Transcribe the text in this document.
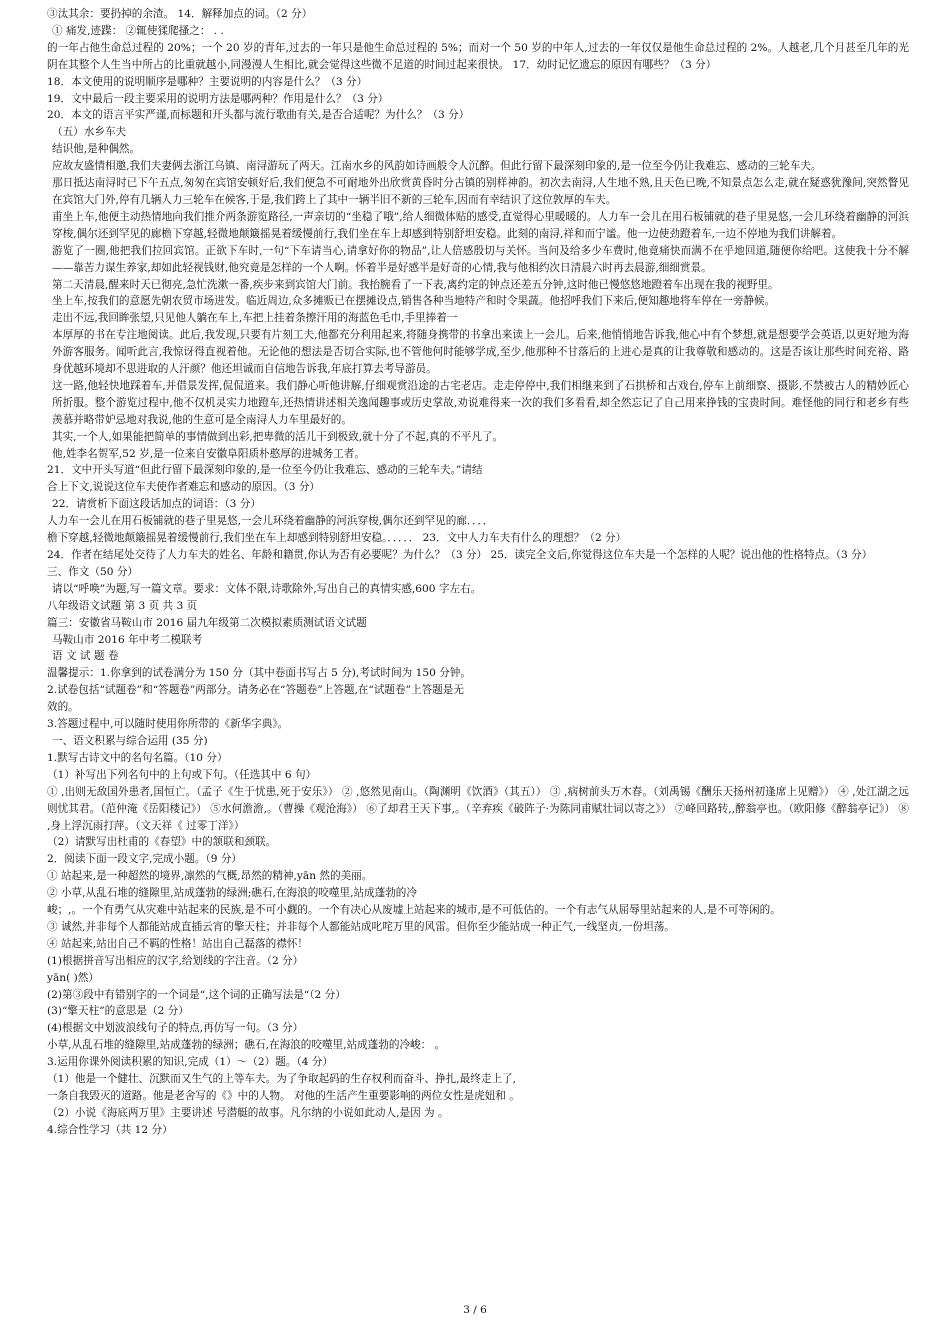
③汰其余：要扔掉的余渣。 14．解释加点的词。（2 分）

① 痛发,迹蹀： ②辄使猱爬搔之： . .

的一年占他生命总过程的 20%；一个 20 岁的青年,过去的一年只是他生命总过程的 5%；而对一个 50 岁的中年人,过去的一年仅仅是他生命总过程的 2%。人越老,几个月甚至几年的光阴在其整个人生当中所占的比重就越小,同漫漫人生相比,就会觉得这些微不足道的时间过起来很快。 17．幼时记忆遗忘的原因有哪些？（3 分）

18．本文使用的说明顺序是哪种？主要说明的内容是什么？（3 分）

19．文中最后一段主要采用的说明方法是哪两种？作用是什么？（3 分）

20．本文的语言平实严谨,而标题和开头都与流行歌曲有关,是否合适呢？为什么？（3 分）

（五）水乡车夫

结识他,是种偶然。

应故友盛情相邀,我们夫妻俩去浙江乌镇、南浔游玩了两天。江南水乡的风韵如诗画般令人沉醉。但此行留下最深刻印象的,是一位至今仍让我难忘、感动的三轮车夫。

那日抵达南浔时已下午五点,匆匆在宾馆安顿好后,我们便急不可耐地外出欣赏黄昏时分古镇的别样神韵。初次去南浔,人生地不熟,且天色已晚,不知景点怎么走,就在疑惑犹豫间,突然瞥见在宾馆大门外,停有几辆人力三轮车在候客,于是,我们跨上了其中一辆半旧不新的三轮车,因而有幸结识了这位敦厚的车夫。

甫坐上车,他便主动热情地向我们推介两条游览路径,一声亲切的“坐稳了哦”,给人细微体贴的感受,直觉得心里暖暖的。人力车一会儿在用石板铺就的巷子里晃悠,一会儿环绕着幽静的河浜穿梭,偶尔还到罕见的廊檐下穿越,轻微地颠簸摇晃着缓慢前行,我们坐在车上却感到特别舒坦安稳。此刻的南浔,祥和而宁谧。他一边使劲蹬着车,一边不停地为我们讲解着。

游览了一圈,他把我们拉回宾馆。正欲下车时,一句“下车请当心,请拿好你的物品”,让人倍感殷切与关怀。当问及给多少车费时,他竟痛快而满不在乎地回道,随便你给吧。这使我十分不解——靠苦力谋生养家,却如此轻视钱财,他究竟是怎样的一个人啊。怀着半是好感半是好奇的心情,我与他相约次日清晨六时再去晨游,细细赏景。

第二天清晨,醒来时天已彻亮,急忙洗漱一番,疾步来到宾馆大门前。我抬腕看了一下表,离约定的钟点还差五分钟,这时他已慢悠悠地蹬着车出现在我的视野里。

坐上车,按我们的意愿先朝农贸市场进发。临近周边,众多摊贩已在摆摊设点,销售各种当地特产和时令果蔬。他招呼我们下来后,便知趣地将车停在一旁静候。

走出不远,我回眸张望,只见他人躺在车上,车把上挂着条擦汗用的海蓝色毛巾,手里捧着一

本厚厚的书在专注地阅读。此后,我发现,只要有片刻工夫,他都充分利用起来,将随身携带的书拿出来读上一会儿。后来,他悄悄地告诉我,他心中有个梦想,就是想要学会英语,以更好地为海外游客服务。闻听此言,我惊讶得直视着他。无论他的想法是否切合实际,也不管他何时能够学成,至少,他那种不甘落后的上进心是真的让我尊敬和感动的。这是否该让那些时间充裕、路身优越环境却不思进取的人汗颜？他还坦诚而自信地告诉我,年底打算去考导游员。

这一路,他轻快地踩着车,并借景发挥,侃侃道来。我们静心听他讲解,仔细观赏沿途的古宅老店。走走停停中,我们相继来到了石拱桥和古戏台,停车上前细察、摄影,不禁被古人的精妙匠心所折服。整个游览过程中,他不仅机灵实力地蹬车,还热情讲述相关逸闻趣事或历史掌故,劝说难得来一次的我们多看看,却全然忘记了自己用来挣钱的宝贵时间。难怪他的同行和老乡有些羡慕并略带妒忌地对我说,他的生意可是全南浔人力车里最好的。

其实,一个人,如果能把简单的事情做到出彩,把卑微的活儿干到极致,就十分了不起,真的不平凡了。

他,姓李名贺军,52 岁,是一位来自安徽阜阳质朴憨厚的进城务工者。

21．文中开头写道“但此行留下最深刻印象的,是一位至今仍让我难忘、感动的三轮车夫。”请结

合上下文,说说这位车夫使作者难忘和感动的原因。（3 分）

22．请赏析下面这段话加点的词语：（3 分）

人力车一会儿在用石板铺就的巷子里晃悠,一会儿环绕着幽静的河浜穿梭,偶尔还到罕见的廊．．．．

檐下穿越,轻微地颠簸摇晃着缓慢前行,我们坐在车上却感到特别舒坦安稳。．．．．． 23．文中人力车夫有什么的理想？（2 分）

24．作者在结尾处交待了人力车夫的姓名、年龄和籍贯,你认为否有必要呢？为什么？（3 分） 25．读完全文后,你觉得这位车夫是一个怎样的人呢？说出他的性格特点。（3 分）

三、作文（50 分）

请以“呼唤”为题,写一篇文章。要求：文体不限,诗歌除外,写出自己的真情实感,600 字左右。

八年级语文试题 第 3 页 共 3 页

篇三：安徽省马鞍山市 2016 届九年级第二次模拟素质测试语文试题

马鞍山市 2016 年中考二模联考

语 文 试 题 卷

温馨提示：1.你拿到的试卷满分为 150 分（其中卷面书写占 5 分),考试时间为 150 分钟。

2.试卷包括“试题卷”和“答题卷”两部分。请务必在“答题卷”上答题,在“试题卷”上答题是无

效的。

3.答题过程中,可以随时使用你所带的《新华字典》。

一、语文积累与综合运用 (35 分)

1.默写古诗文中的名句名篇。（10 分）

（1）补写出下列名句中的上句或下句。（任选其中 6 句）

① ,出则无敌国外患者,国恒亡。（孟子《生于忧患,死于安乐》） ② ,悠然见南山。（陶渊明《饮酒》（其五）） ③ ,病树前头万木春。（刘禹锡《酬乐天扬州初逢席上见赠》） ④ ,处江湖之远则忧其君。（范仲淹《岳阳楼记》） ⑤水何澹澹,。（曹操《观沧海》） ⑥了却君王天下事,。（辛弃疾《破阵子·为陈同甫赋壮词以寄之》） ⑦峰回路转,,醉翁亭也。（欧阳修《醉翁亭记》） ⑧ ,身上浮沉雨打萍。（文天祥《 过零丁洋》）

（2）请默写出杜甫的《春望》中的颔联和颈联。

2．阅读下面一段文字,完成小题。（9 分）

① 站起来,是一种超然的境界,凛然的气概,昂然的精神,yān 然的美丽。

② 小草,从乱石堆的缝隙里,站成蓬勃的绿洲;礁石,在海浪的咬噬里,站成蓬勃的冷

峻；,。一个有勇气从灾难中站起来的民族,是不可小觑的。一个有决心从废墟上站起来的城市,是不可低估的。一个有志气从屈辱里站起来的人,是不可等闲的。

③ 诚然,并非每个人都能站成直插云宵的擎天柱；并非每个人都能站成叱咤万里的风雷。但你至少能站成一种正气,一线坚贞,一份坦荡。

④ 站起来,站出自己不羁的性格！站出自己磊落的襟怀！

(1)根据拼音写出相应的汉字,给划线的字注音。（2 分）

yān( )然）

(2)第③段中有错别字的一个词是“,这个词的正确写法是“（2 分）

(3)“擎天柱”的意思是（2 分）

(4)根据文中划波浪线句子的特点,再仿写一句。（3 分）

小草,从乱石堆的缝隙里,站成蓬勃的绿洲；礁石,在海浪的咬噬里,站成蓬勃的冷峻： 。

3.运用你课外阅读积累的知识,完成（1）～（2）题。（4 分）

（1）他是一个健壮、沉默而又生气的上等车夫。为了争取起码的生存权利而奋斗、挣扎,最终走上了,

一条自我毁灭的道路。他是老舍写的《》中的人物。 对他的生活产生重要影响的两位女性是虎妞和 。

（2）小说《海底两万里》主要讲述 号潜艇的故事。凡尔纳的小说如此动人,是因 为 。

4.综合性学习（共 12 分）

3 / 6
